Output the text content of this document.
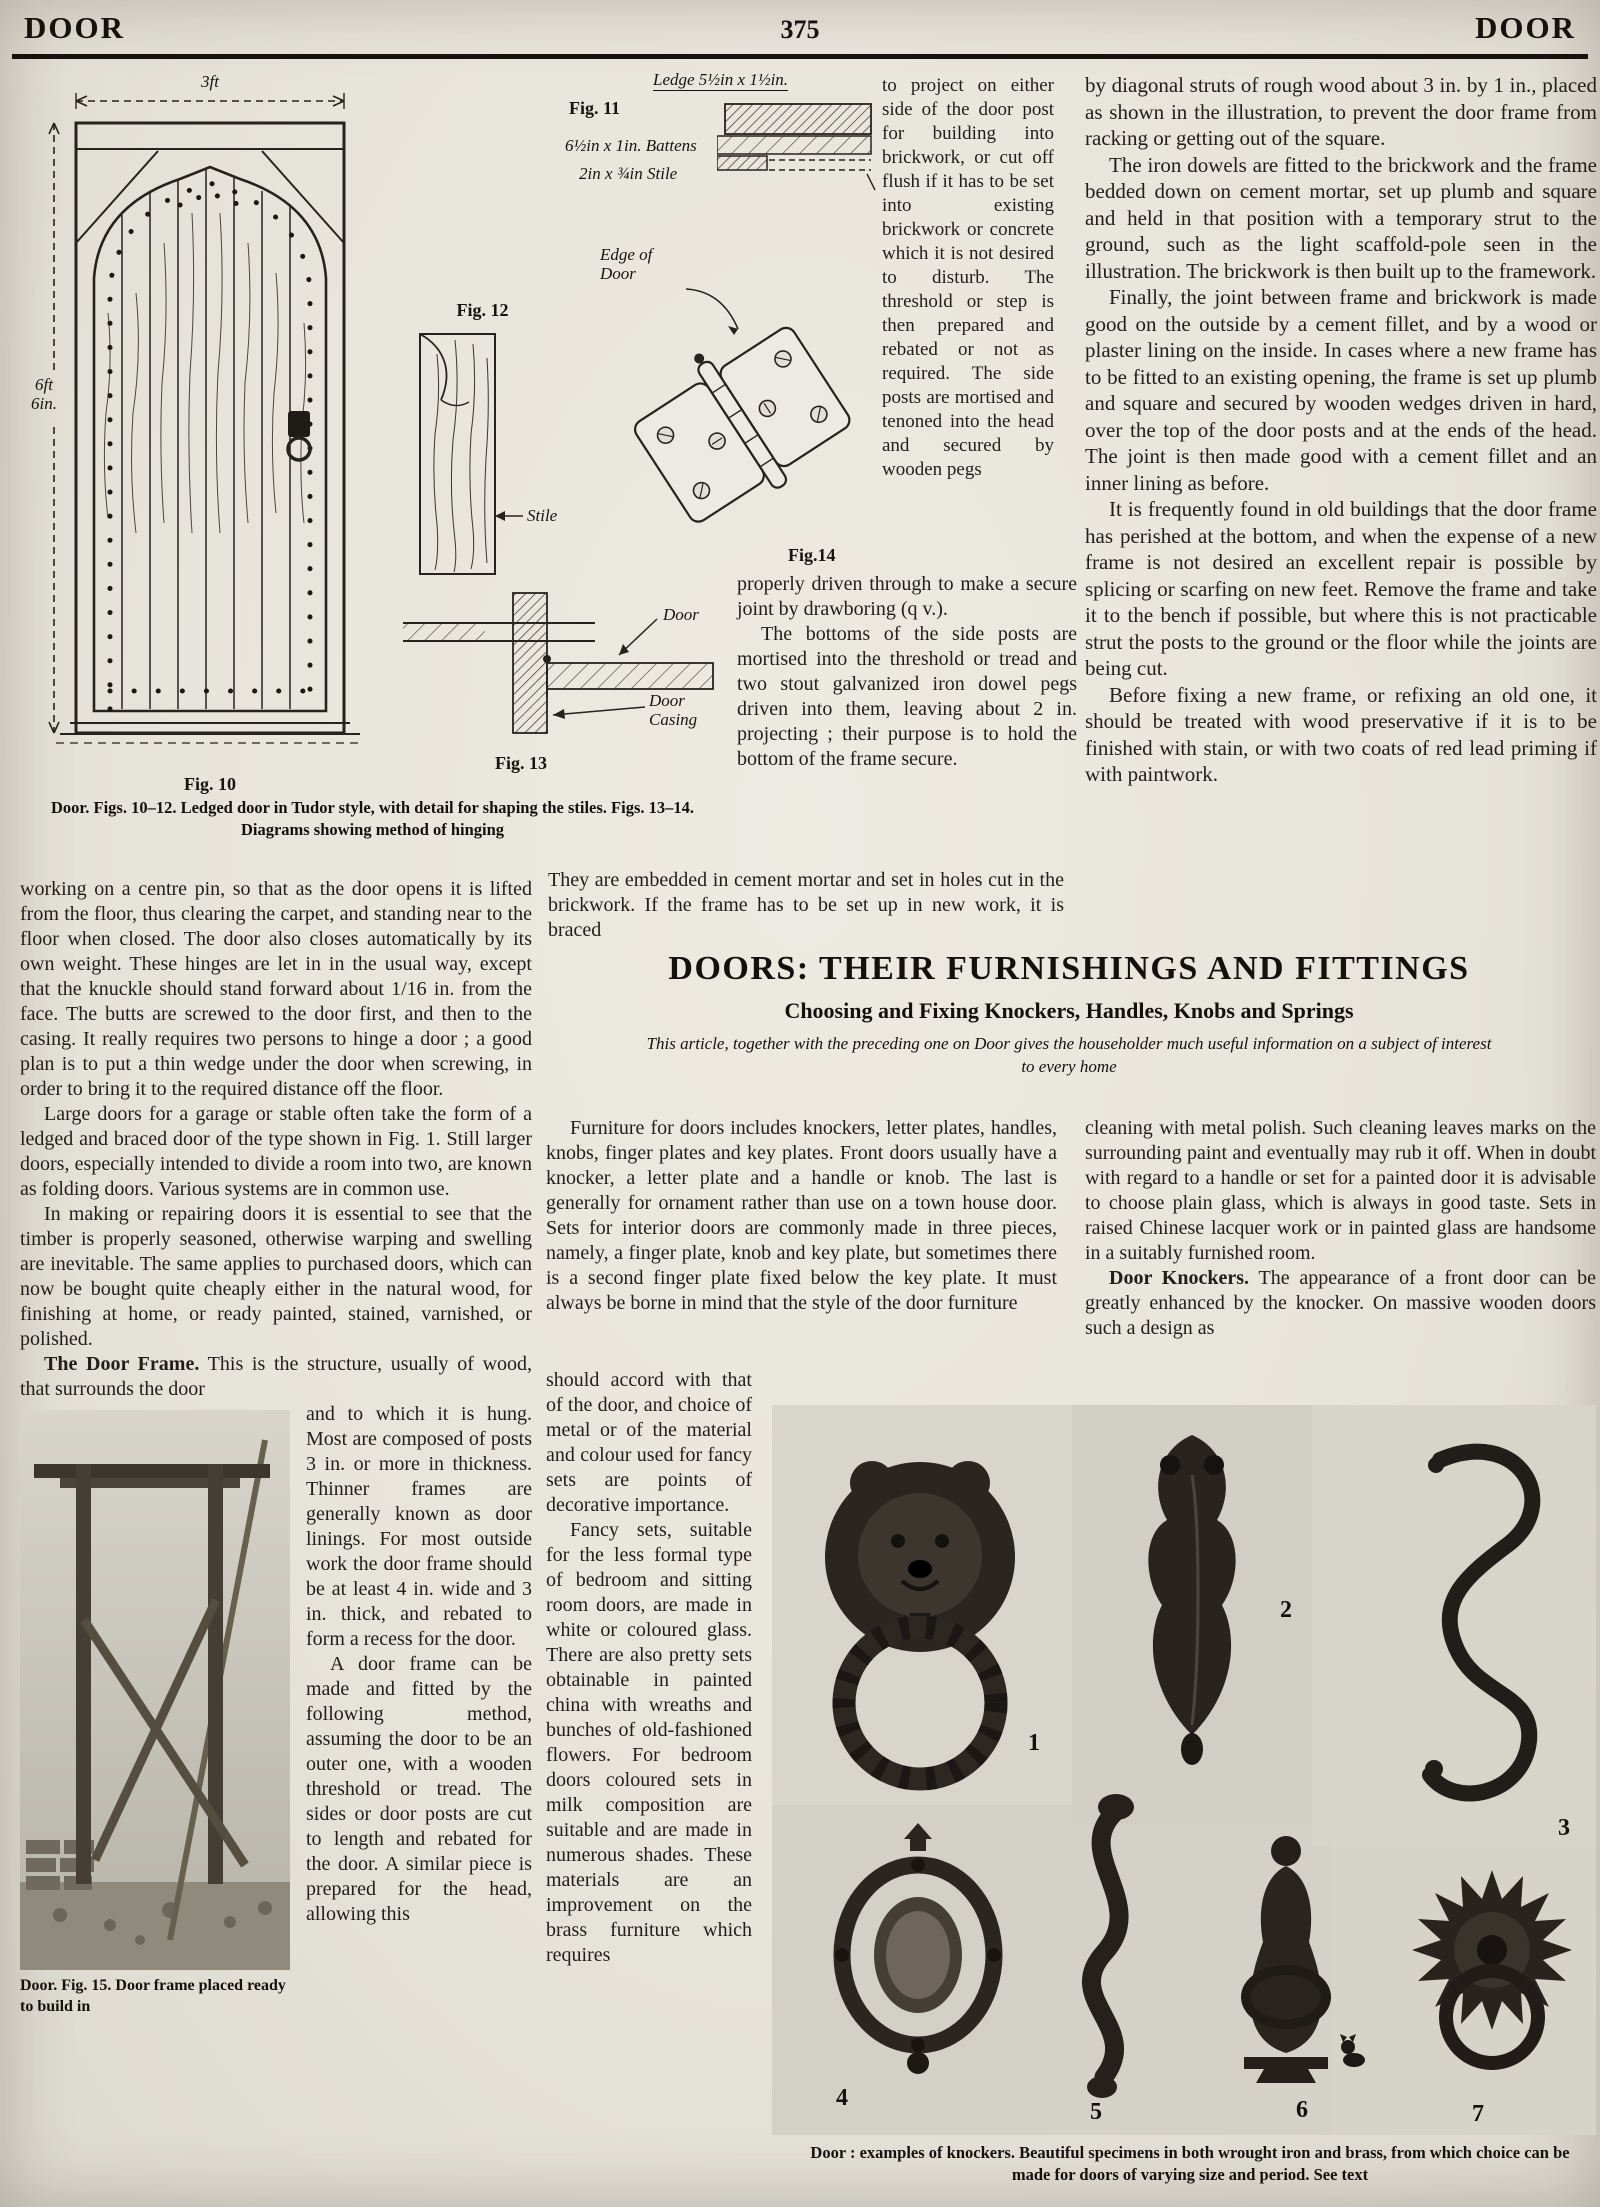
DOOR	375	DOOR
3ft
6ft 6in.
Fig. 10
Fig. 12
Stile
Ledge 5½in x 1½in.
Fig. 11
6½in x 1in. Battens
2in x ¾in Stile
Edge of Door
Fig.14
Door
Door Casing
Fig. 13
Door. Figs. 10–12. Ledged door in Tudor style, with detail for shaping the stiles. Figs. 13–14. Diagrams showing method of hinging

to project on either side of the door post for building into brickwork, or cut off flush if it has to be set into existing brickwork or concrete which it is not desired to disturb. The threshold or step is then prepared and rebated or not as required. The side posts are mortised and tenoned into the head and secured by wooden pegs

properly driven through to make a secure joint by drawboring (q v.).

The bottoms of the side posts are mortised into the threshold or tread and two stout galvanized iron dowel pegs driven into them, leaving about 2 in. projecting ; their purpose is to hold the bottom of the frame secure.

They are embedded in cement mortar and set in holes cut in the brickwork. If the frame has to be set up in new work, it is braced

by diagonal struts of rough wood about 3 in. by 1 in., placed as shown in the illustration, to prevent the door frame from racking or getting out of the square.

The iron dowels are fitted to the brickwork and the frame bedded down on cement mortar, set up plumb and square and held in that position with a temporary strut to the ground, such as the light scaffold-pole seen in the illustration. The brickwork is then built up to the framework.

Finally, the joint between frame and brickwork is made good on the outside by a cement fillet, and by a wood or plaster lining on the inside. In cases where a new frame has to be fitted to an existing opening, the frame is set up plumb and square and secured by wooden wedges driven in hard, over the top of the door posts and at the ends of the head. The joint is then made good with a cement fillet and an inner lining as before.

It is frequently found in old buildings that the door frame has perished at the bottom, and when the expense of a new frame is not desired an excellent repair is possible by splicing or scarfing on new feet. Remove the frame and take it to the bench if possible, but where this is not practicable strut the posts to the ground or the floor while the joints are being cut.

Before fixing a new frame, or refixing an old one, it should be treated with wood preservative if it is to be finished with stain, or with two coats of red lead priming if with paintwork.

working on a centre pin, so that as the door opens it is lifted from the floor, thus clearing the carpet, and standing near to the floor when closed. The door also closes automatically by its own weight. These hinges are let in in the usual way, except that the knuckle should stand forward about 1/16 in. from the face. The butts are screwed to the door first, and then to the casing. It really requires two persons to hinge a door ; a good plan is to put a thin wedge under the door when screwing, in order to bring it to the required distance off the floor.

Large doors for a garage or stable often take the form of a ledged and braced door of the type shown in Fig. 1. Still larger doors, especially intended to divide a room into two, are known as folding doors. Various systems are in common use.

In making or repairing doors it is essential to see that the timber is properly seasoned, otherwise warping and swelling are inevitable. The same applies to purchased doors, which can now be bought quite cheaply either in the natural wood, for finishing at home, or ready painted, stained, varnished, or polished.

The Door Frame. This is the structure, usually of wood, that surrounds the door

Door. Fig. 15. Door frame placed ready to build in

and to which it is hung. Most are composed of posts 3 in. or more in thickness. Thinner frames are generally known as door linings. For most outside work the door frame should be at least 4 in. wide and 3 in. thick, and rebated to form a recess for the door.

A door frame can be made and fitted by the following method, assuming the door to be an outer one, with a wooden threshold or tread. The sides or door posts are cut to length and rebated for the door. A similar piece is prepared for the head, allowing this

DOORS: THEIR FURNISHINGS AND FITTINGS
Choosing and Fixing Knockers, Handles, Knobs and Springs
This article, together with the preceding one on Door gives the householder much useful information on a subject of interest to every home

Furniture for doors includes knockers, letter plates, handles, knobs, finger plates and key plates. Front doors usually have a knocker, a letter plate and a handle or knob. The last is generally for ornament rather than use on a town house door. Sets for interior doors are commonly made in three pieces, namely, a finger plate, knob and key plate, but sometimes there is a second finger plate fixed below the key plate. It must always be borne in mind that the style of the door furniture

should accord with that of the door, and choice of metal or of the material and colour used for fancy sets are points of decorative importance.

Fancy sets, suitable for the less formal type of bedroom and sitting room doors, are made in white or coloured glass. There are also pretty sets obtainable in painted china with wreaths and bunches of old-fashioned flowers. For bedroom doors coloured sets in milk composition are suitable and are made in numerous shades. These materials are an improvement on the brass furniture which requires

cleaning with metal polish. Such cleaning leaves marks on the surrounding paint and eventually may rub it off. When in doubt with regard to a handle or set for a painted door it is advisable to choose plain glass, which is always in good taste. Sets in raised Chinese lacquer work or in painted glass are handsome in a suitably furnished room.

Door Knockers. The appearance of a front door can be greatly enhanced by the knocker. On massive wooden doors such a design as

1
2
3
4
5	6	7
Door : examples of knockers. Beautiful specimens in both wrought iron and brass, from which choice can be made for doors of varying size and period. See text
